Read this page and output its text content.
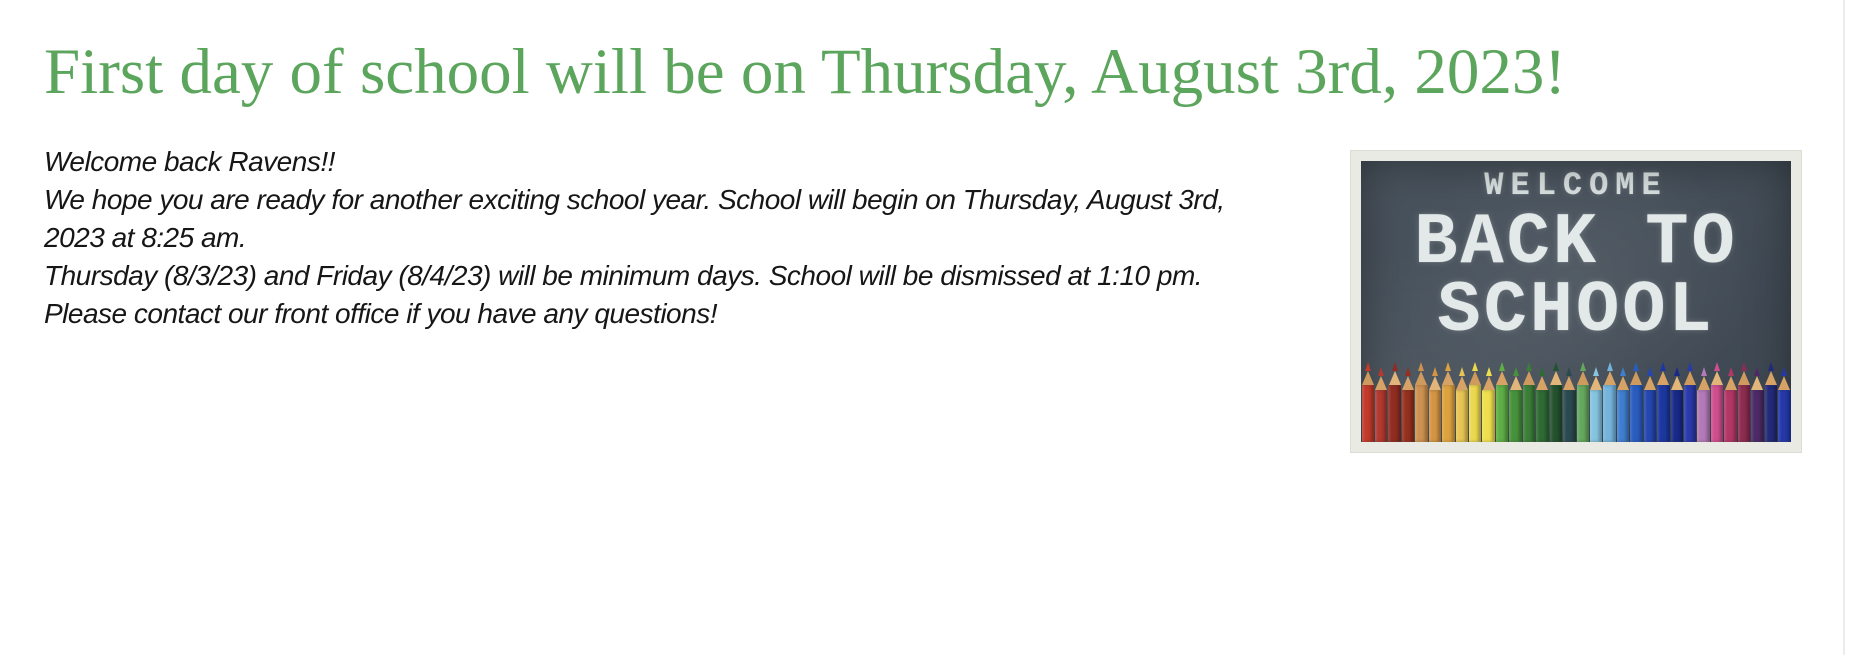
First day of school will be on Thursday, August 3rd, 2023!
Welcome back Ravens!!
We hope you are ready for another exciting school year. School will begin on Thursday, August 3rd,
2023 at 8:25 am.
Thursday (8/3/23) and Friday (8/4/23) will be minimum days. School will be dismissed at 1:10 pm.
Please contact our front office if you have any questions!
WELCOME
BACK TO
SCHOOL
